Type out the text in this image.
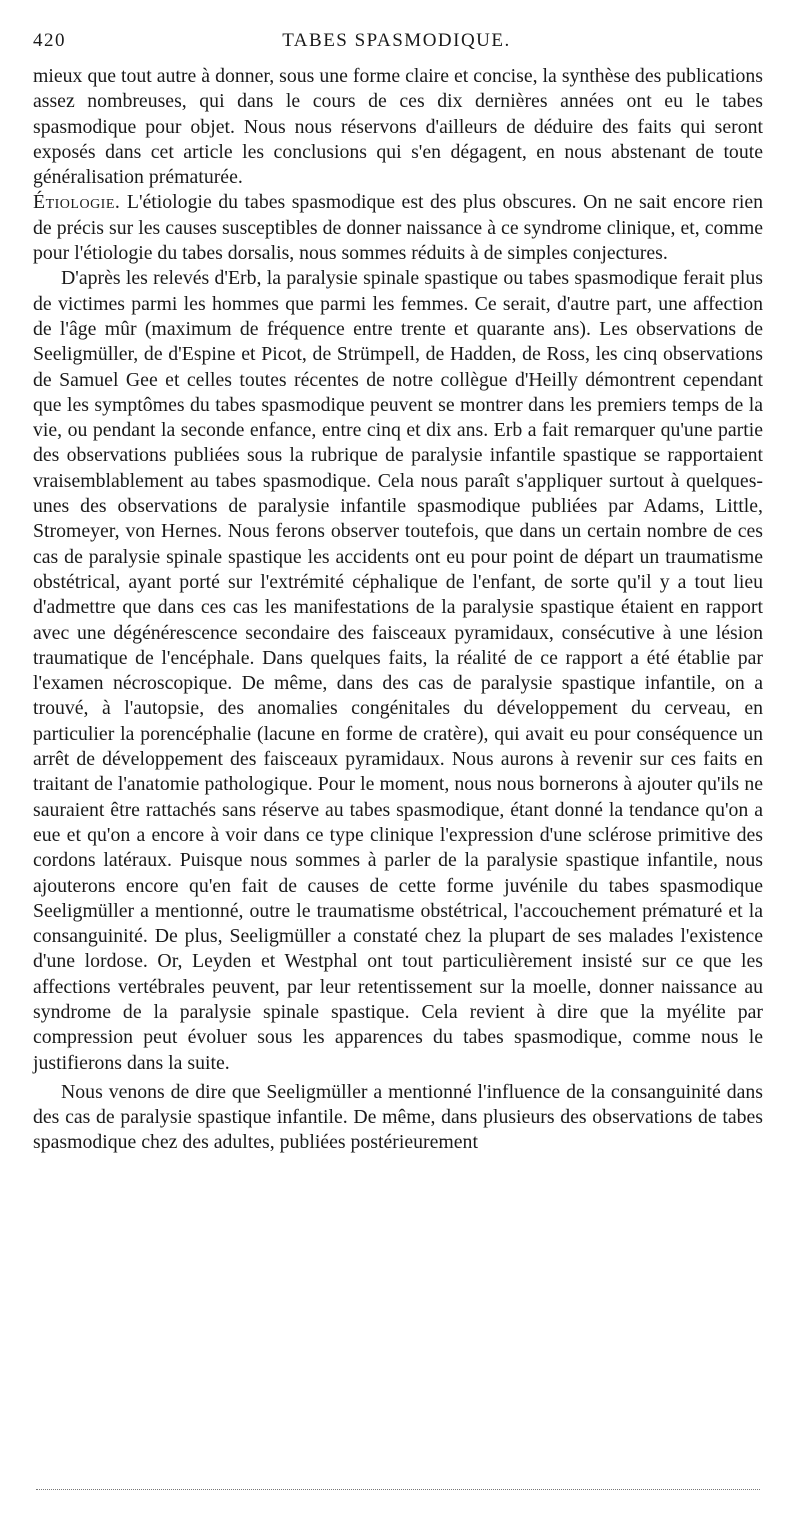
420	TABES SPASMODIQUE.

mieux que tout autre à donner, sous une forme claire et concise, la synthèse des publications assez nombreuses, qui dans le cours de ces dix dernières années ont eu le tabes spasmodique pour objet. Nous nous réservons d'ailleurs de déduire des faits qui seront exposés dans cet article les conclusions qui s'en dégagent, en nous abstenant de toute généralisation prématurée.

Étiologie. L'étiologie du tabes spasmodique est des plus obscures. On ne sait encore rien de précis sur les causes susceptibles de donner naissance à ce syndrome clinique, et, comme pour l'étiologie du tabes dorsalis, nous sommes réduits à de simples conjectures.

D'après les relevés d'Erb, la paralysie spinale spastique ou tabes spasmodique ferait plus de victimes parmi les hommes que parmi les femmes. Ce serait, d'autre part, une affection de l'âge mûr (maximum de fréquence entre trente et quarante ans). Les observations de Seeligmüller, de d'Espine et Picot, de Strümpell, de Hadden, de Ross, les cinq observations de Samuel Gee et celles toutes récentes de notre collègue d'Heilly démontrent cependant que les symptômes du tabes spasmodique peuvent se montrer dans les premiers temps de la vie, ou pendant la seconde enfance, entre cinq et dix ans. Erb a fait remarquer qu'une partie des observations publiées sous la rubrique de paralysie infantile spastique se rapportaient vraisemblablement au tabes spasmodique. Cela nous paraît s'appliquer surtout à quelques-unes des observations de paralysie infantile spasmodique publiées par Adams, Little, Stromeyer, von Hernes. Nous ferons observer toutefois, que dans un certain nombre de ces cas de paralysie spinale spastique les accidents ont eu pour point de départ un traumatisme obstétrical, ayant porté sur l'extrémité céphalique de l'enfant, de sorte qu'il y a tout lieu d'admettre que dans ces cas les manifestations de la paralysie spastique étaient en rapport avec une dégénérescence secondaire des faisceaux pyramidaux, consécutive à une lésion traumatique de l'encéphale. Dans quelques faits, la réalité de ce rapport a été établie par l'examen nécroscopique. De même, dans des cas de paralysie spastique infantile, on a trouvé, à l'autopsie, des anomalies congénitales du développement du cerveau, en particulier la porencéphalie (lacune en forme de cratère), qui avait eu pour conséquence un arrêt de développement des faisceaux pyramidaux. Nous aurons à revenir sur ces faits en traitant de l'anatomie pathologique. Pour le moment, nous nous bornerons à ajouter qu'ils ne sauraient être rattachés sans réserve au tabes spasmodique, étant donné la tendance qu'on a eue et qu'on a encore à voir dans ce type clinique l'expression d'une sclérose primitive des cordons latéraux. Puisque nous sommes à parler de la paralysie spastique infantile, nous ajouterons encore qu'en fait de causes de cette forme juvénile du tabes spasmodique Seeligmüller a mentionné, outre le traumatisme obstétrical, l'accouchement prématuré et la consanguinité. De plus, Seeligmüller a constaté chez la plupart de ses malades l'existence d'une lordose. Or, Leyden et Westphal ont tout particulièrement insisté sur ce que les affections vertébrales peuvent, par leur retentissement sur la moelle, donner naissance au syndrome de la paralysie spinale spastique. Cela revient à dire que la myélite par compression peut évoluer sous les apparences du tabes spasmodique, comme nous le justifierons dans la suite.

Nous venons de dire que Seeligmüller a mentionné l'influence de la consanguinité dans des cas de paralysie spastique infantile. De même, dans plusieurs des observations de tabes spasmodique chez des adultes, publiées postérieurement
